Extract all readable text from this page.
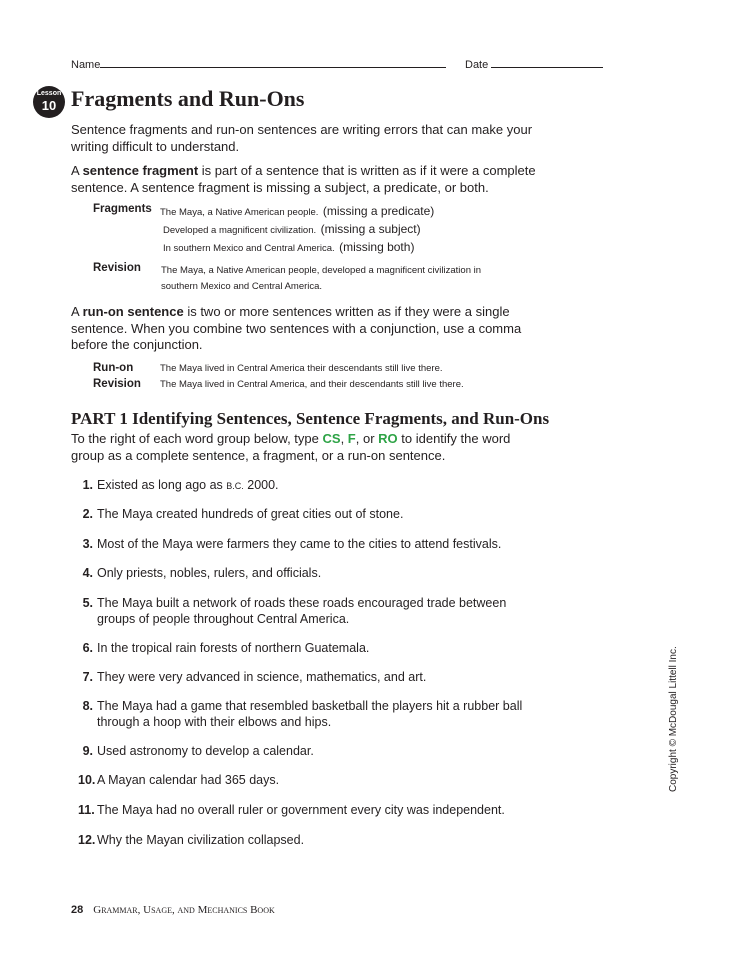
Name	Date
Lesson
10 Fragments and Run-Ons
Sentence fragments and run-on sentences are writing errors that can make your writing difficult to understand.
A sentence fragment is part of a sentence that is written as if it were a complete sentence. A sentence fragment is missing a subject, a predicate, or both.
Fragments The Maya, a Native American people. (missing a predicate)
Developed a magnificent civilization. (missing a subject)
In southern Mexico and Central America. (missing both)
Revision The Maya, a Native American people, developed a magnificent civilization in
southern Mexico and Central America.
A run-on sentence is two or more sentences written as if they were a single sentence. When you combine two sentences with a conjunction, use a comma before the conjunction.
Run-on
Revision
The Maya lived in Central America their descendants still live there.
The Maya lived in Central America, and their descendants still live there.
PART 1 Identifying Sentences, Sentence Fragments, and Run-Ons
To the right of each word group below, type CS, F, or RO to identify the word group as a complete sentence, a fragment, or a run-on sentence.
1. Existed as long ago as B.C. 2000.
2. The Maya created hundreds of great cities out of stone.
3. Most of the Maya were farmers they came to the cities to attend festivals.
4. Only priests, nobles, rulers, and officials.
5. The Maya built a network of roads these roads encouraged trade between groups of people throughout Central America.
6. In the tropical rain forests of northern Guatemala.
7. They were very advanced in science, mathematics, and art.
8. The Maya had a game that resembled basketball the players hit a rubber ball through a hoop with their elbows and hips.
9. Used astronomy to develop a calendar.
10. A Mayan calendar had 365 days.
11. The Maya had no overall ruler or government every city was independent.
12. Why the Mayan civilization collapsed.
Copyright © McDougal Littell Inc.
28 Grammar, Usage, and Mechanics Book
